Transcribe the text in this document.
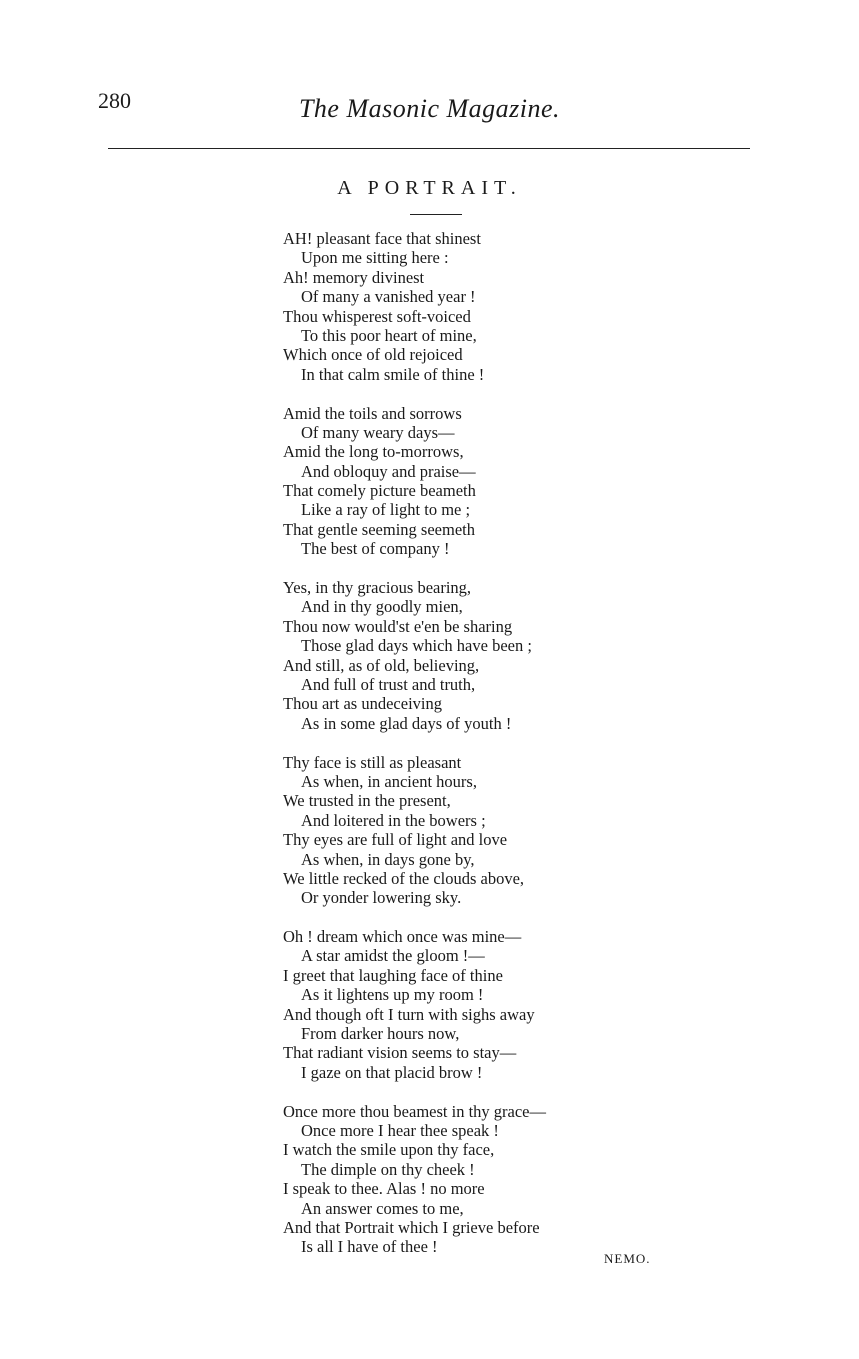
280	The Masonic Magazine.
A PORTRAIT.
AH! pleasant face that shinest
Upon me sitting here :
Ah! memory divinest
Of many a vanished year !
Thou whisperest soft-voiced
To this poor heart of mine,
Which once of old rejoiced
In that calm smile of thine !
Amid the toils and sorrows
Of many weary days—
Amid the long to-morrows,
And obloquy and praise—
That comely picture beameth
Like a ray of light to me ;
That gentle seeming seemeth
The best of company !
Yes, in thy gracious bearing,
And in thy goodly mien,
Thou now would'st e'en be sharing
Those glad days which have been ;
And still, as of old, believing,
And full of trust and truth,
Thou art as undeceiving
As in some glad days of youth !
Thy face is still as pleasant
As when, in ancient hours,
We trusted in the present,
And loitered in the bowers ;
Thy eyes are full of light and love
As when, in days gone by,
We little recked of the clouds above,
Or yonder lowering sky.
Oh ! dream which once was mine—
A star amidst the gloom !—
I greet that laughing face of thine
As it lightens up my room !
And though oft I turn with sighs away
From darker hours now,
That radiant vision seems to stay—
I gaze on that placid brow !
Once more thou beamest in thy grace—
Once more I hear thee speak !
I watch the smile upon thy face,
The dimple on thy cheek !
I speak to thee. Alas ! no more
An answer comes to me,
And that Portrait which I grieve before
Is all I have of thee !
NEMO.
